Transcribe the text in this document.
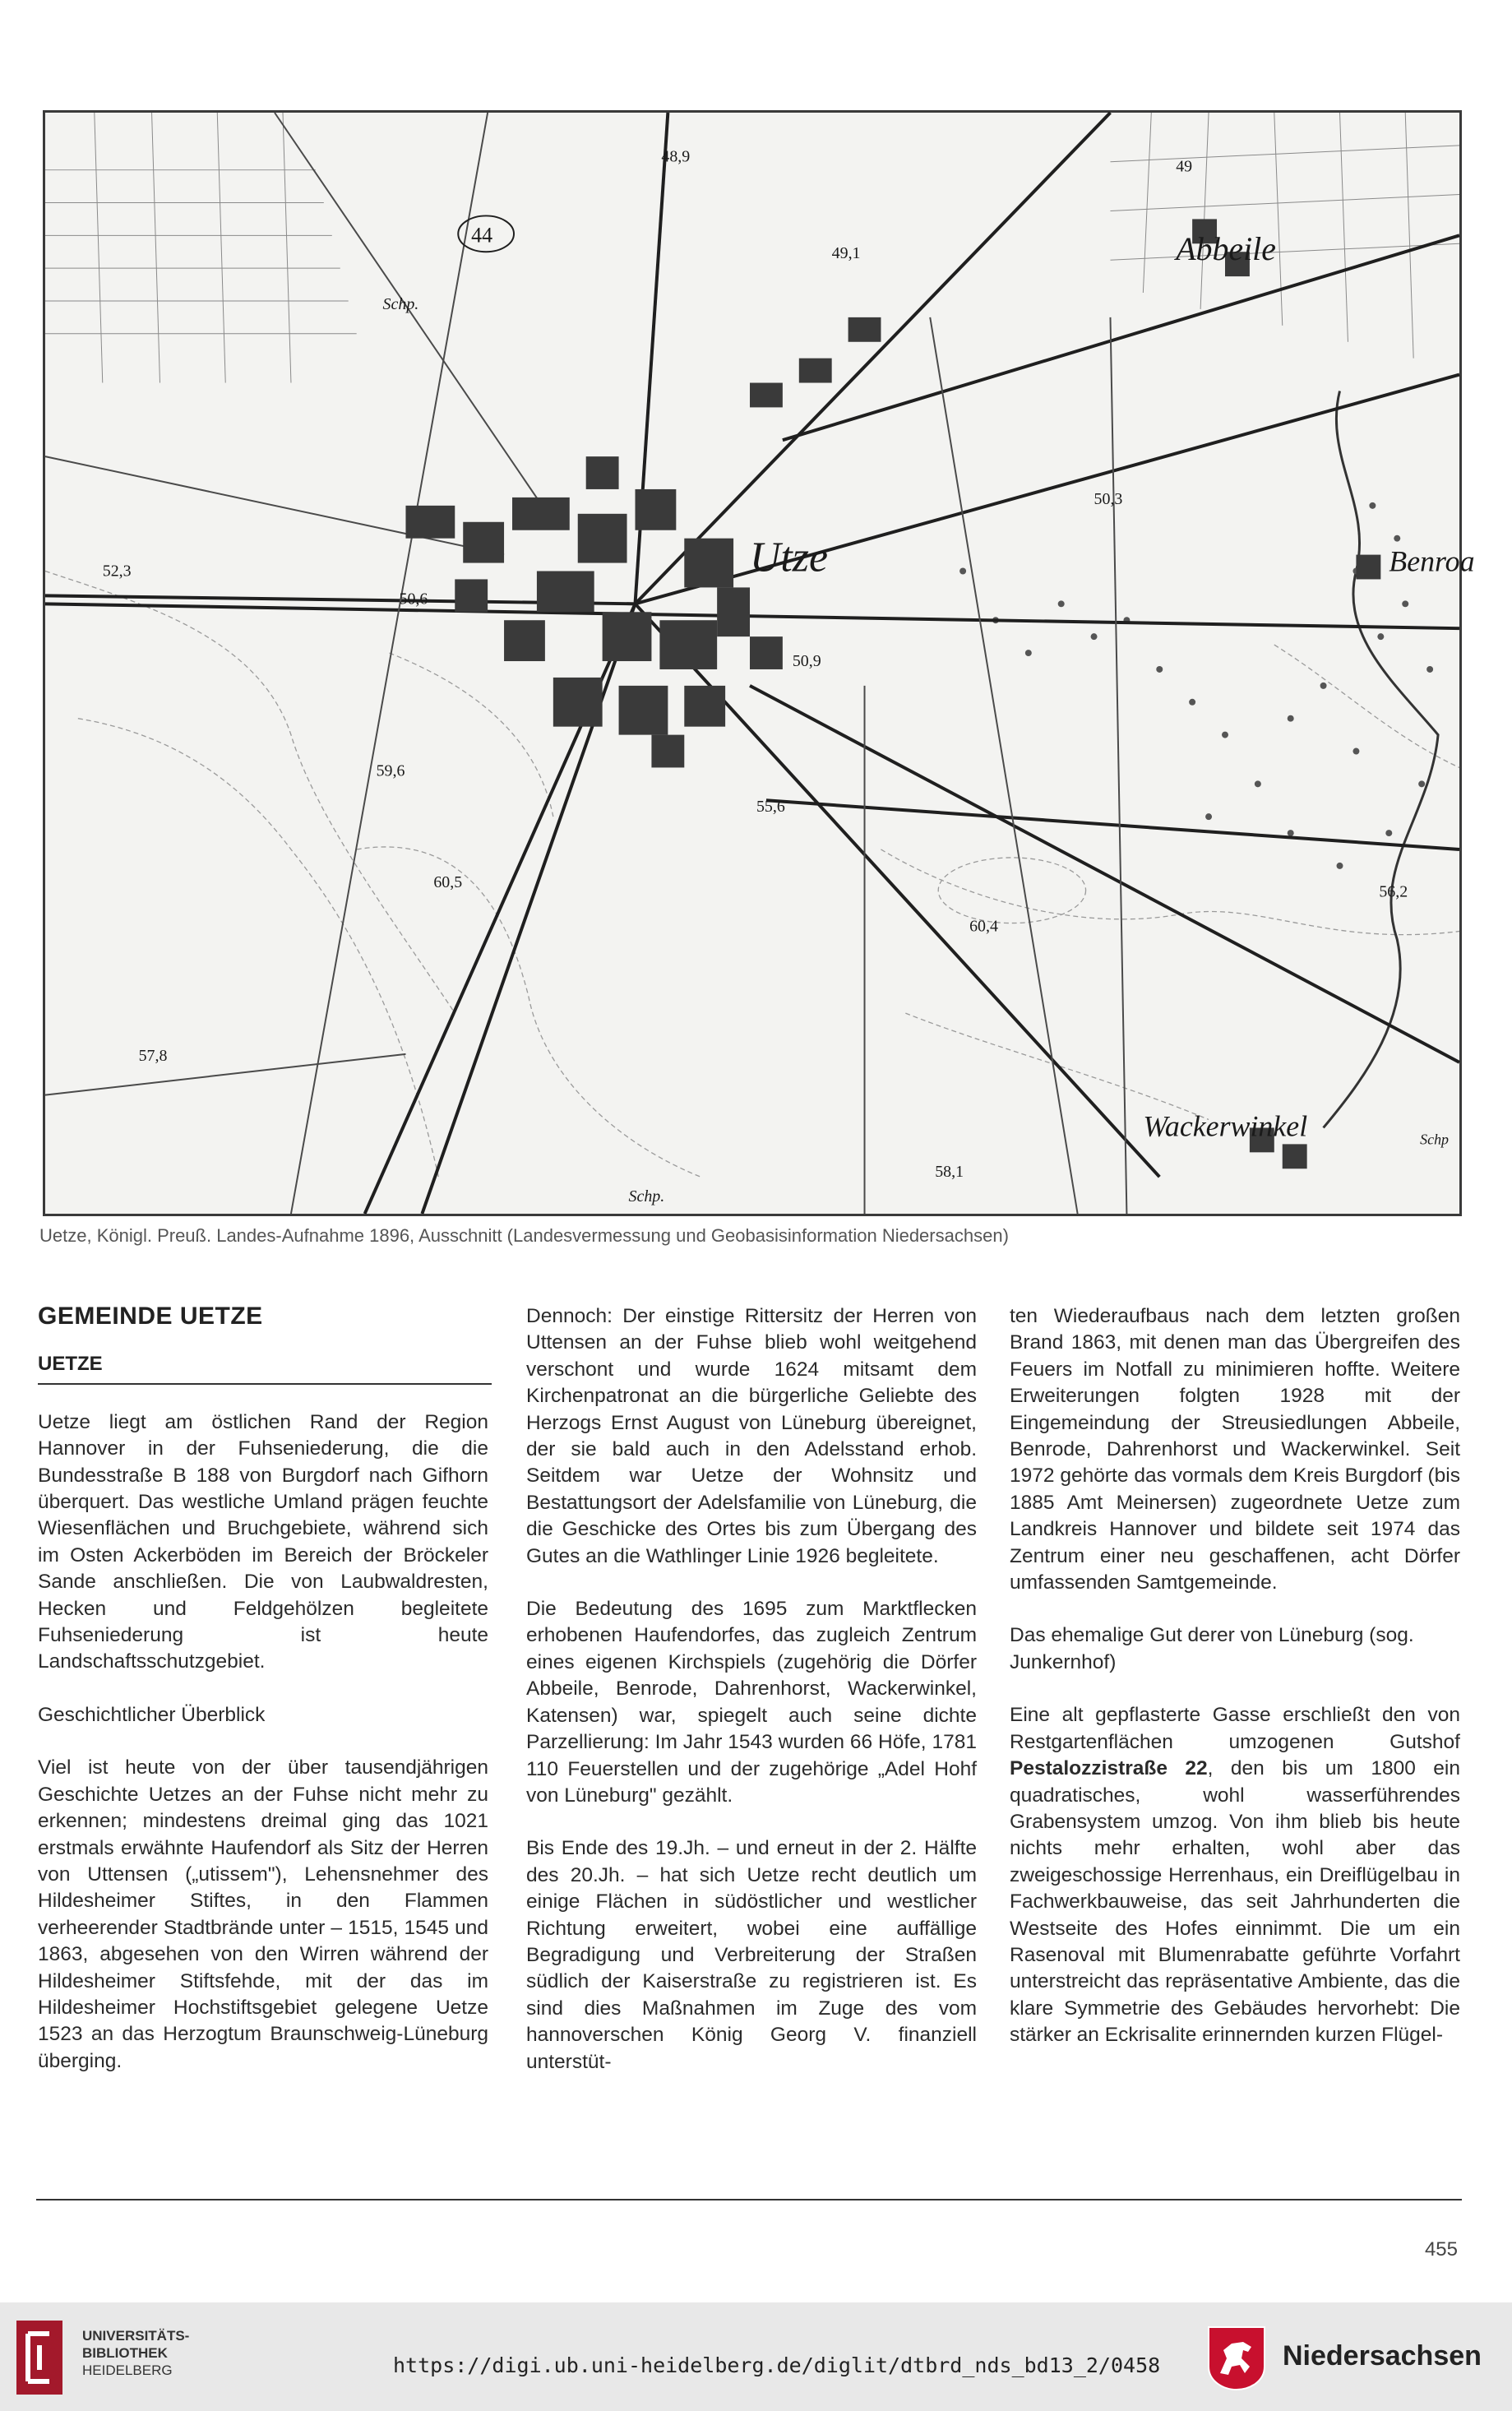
Utze
Abbeile
Benroa
Wackerwinkel
44
Schp.
Schp.
Schp
48,9
49,1
49
50,3
52,3
50,6
50,9
55,6
59,6
60,5
60,4
56,2
57,8
58,1
Uetze, Königl. Preuß. Landes-Aufnahme 1896, Ausschnitt (Landesvermessung und Geobasisinformation Niedersachsen)
GEMEINDE UETZE
UETZE

Uetze liegt am östlichen Rand der Region Hannover in der Fuhseniederung, die die Bundesstraße B 188 von Burgdorf nach Gifhorn überquert. Das westliche Umland prägen feuchte Wiesenflächen und Bruchgebiete, während sich im Osten Ackerböden im Bereich der Bröckeler Sande anschließen. Die von Laubwaldresten, Hecken und Feldgehölzen begleitete Fuhseniederung ist heute Landschaftsschutzgebiet.

Geschichtlicher Überblick

Viel ist heute von der über tausendjährigen Geschichte Uetzes an der Fuhse nicht mehr zu erkennen; mindestens dreimal ging das 1021 erstmals erwähnte Haufendorf als Sitz der Herren von Uttensen („utissem"), Lehensnehmer des Hildesheimer Stiftes, in den Flammen verheerender Stadtbrände unter – 1515, 1545 und 1863, abgesehen von den Wirren während der Hildesheimer Stiftsfehde, mit der das im Hildesheimer Hochstiftsgebiet gelegene Uetze 1523 an das Herzogtum Braunschweig-Lüneburg überging.

Dennoch: Der einstige Rittersitz der Herren von Uttensen an der Fuhse blieb wohl weitgehend verschont und wurde 1624 mitsamt dem Kirchenpatronat an die bürgerliche Geliebte des Herzogs Ernst August von Lüneburg übereignet, der sie bald auch in den Adelsstand erhob. Seitdem war Uetze der Wohnsitz und Bestattungsort der Adelsfamilie von Lüneburg, die die Geschicke des Ortes bis zum Übergang des Gutes an die Wathlinger Linie 1926 begleitete.

Die Bedeutung des 1695 zum Marktflecken erhobenen Haufendorfes, das zugleich Zentrum eines eigenen Kirchspiels (zugehörig die Dörfer Abbeile, Benrode, Dahrenhorst, Wackerwinkel, Katensen) war, spiegelt auch seine dichte Parzellierung: Im Jahr 1543 wurden 66 Höfe, 1781 110 Feuerstellen und der zugehörige „Adel Hohf von Lüneburg" gezählt.

Bis Ende des 19.Jh. – und erneut in der 2. Hälfte des 20.Jh. – hat sich Uetze recht deutlich um einige Flächen in südöstlicher und westlicher Richtung erweitert, wobei eine auffällige Begradigung und Verbreiterung der Straßen südlich der Kaiserstraße zu registrieren ist. Es sind dies Maßnahmen im Zuge des vom hannoverschen König Georg V. finanziell unterstüt-

ten Wiederaufbaus nach dem letzten großen Brand 1863, mit denen man das Übergreifen des Feuers im Notfall zu minimieren hoffte. Weitere Erweiterungen folgten 1928 mit der Eingemeindung der Streusiedlungen Abbeile, Benrode, Dahrenhorst und Wackerwinkel. Seit 1972 gehörte das vormals dem Kreis Burgdorf (bis 1885 Amt Meinersen) zugeordnete Uetze zum Landkreis Hannover und bildete seit 1974 das Zentrum einer neu geschaffenen, acht Dörfer umfassenden Samtgemeinde.

Das ehemalige Gut derer von Lüneburg (sog. Junkernhof)

Eine alt gepflasterte Gasse erschließt den von Restgartenflächen umzogenen Gutshof Pestalozzistraße 22, den bis um 1800 ein quadratisches, wohl wasserführendes Grabensystem umzog. Von ihm blieb bis heute nichts mehr erhalten, wohl aber das zweigeschossige Herrenhaus, ein Dreiflügelbau in Fachwerkbauweise, das seit Jahrhunderten die Westseite des Hofes einnimmt. Die um ein Rasenoval mit Blumenrabatte geführte Vorfahrt unterstreicht das repräsentative Ambiente, das die klare Symmetrie des Gebäudes hervorhebt: Die stärker an Eckrisalite erinnernden kurzen Flügel-

455
UNIVERSITÄTS-
BIBLIOTHEK
HEIDELBERG	https://digi.ub.uni-heidelberg.de/diglit/dtbrd_nds_bd13_2/0458	Niedersachsen
